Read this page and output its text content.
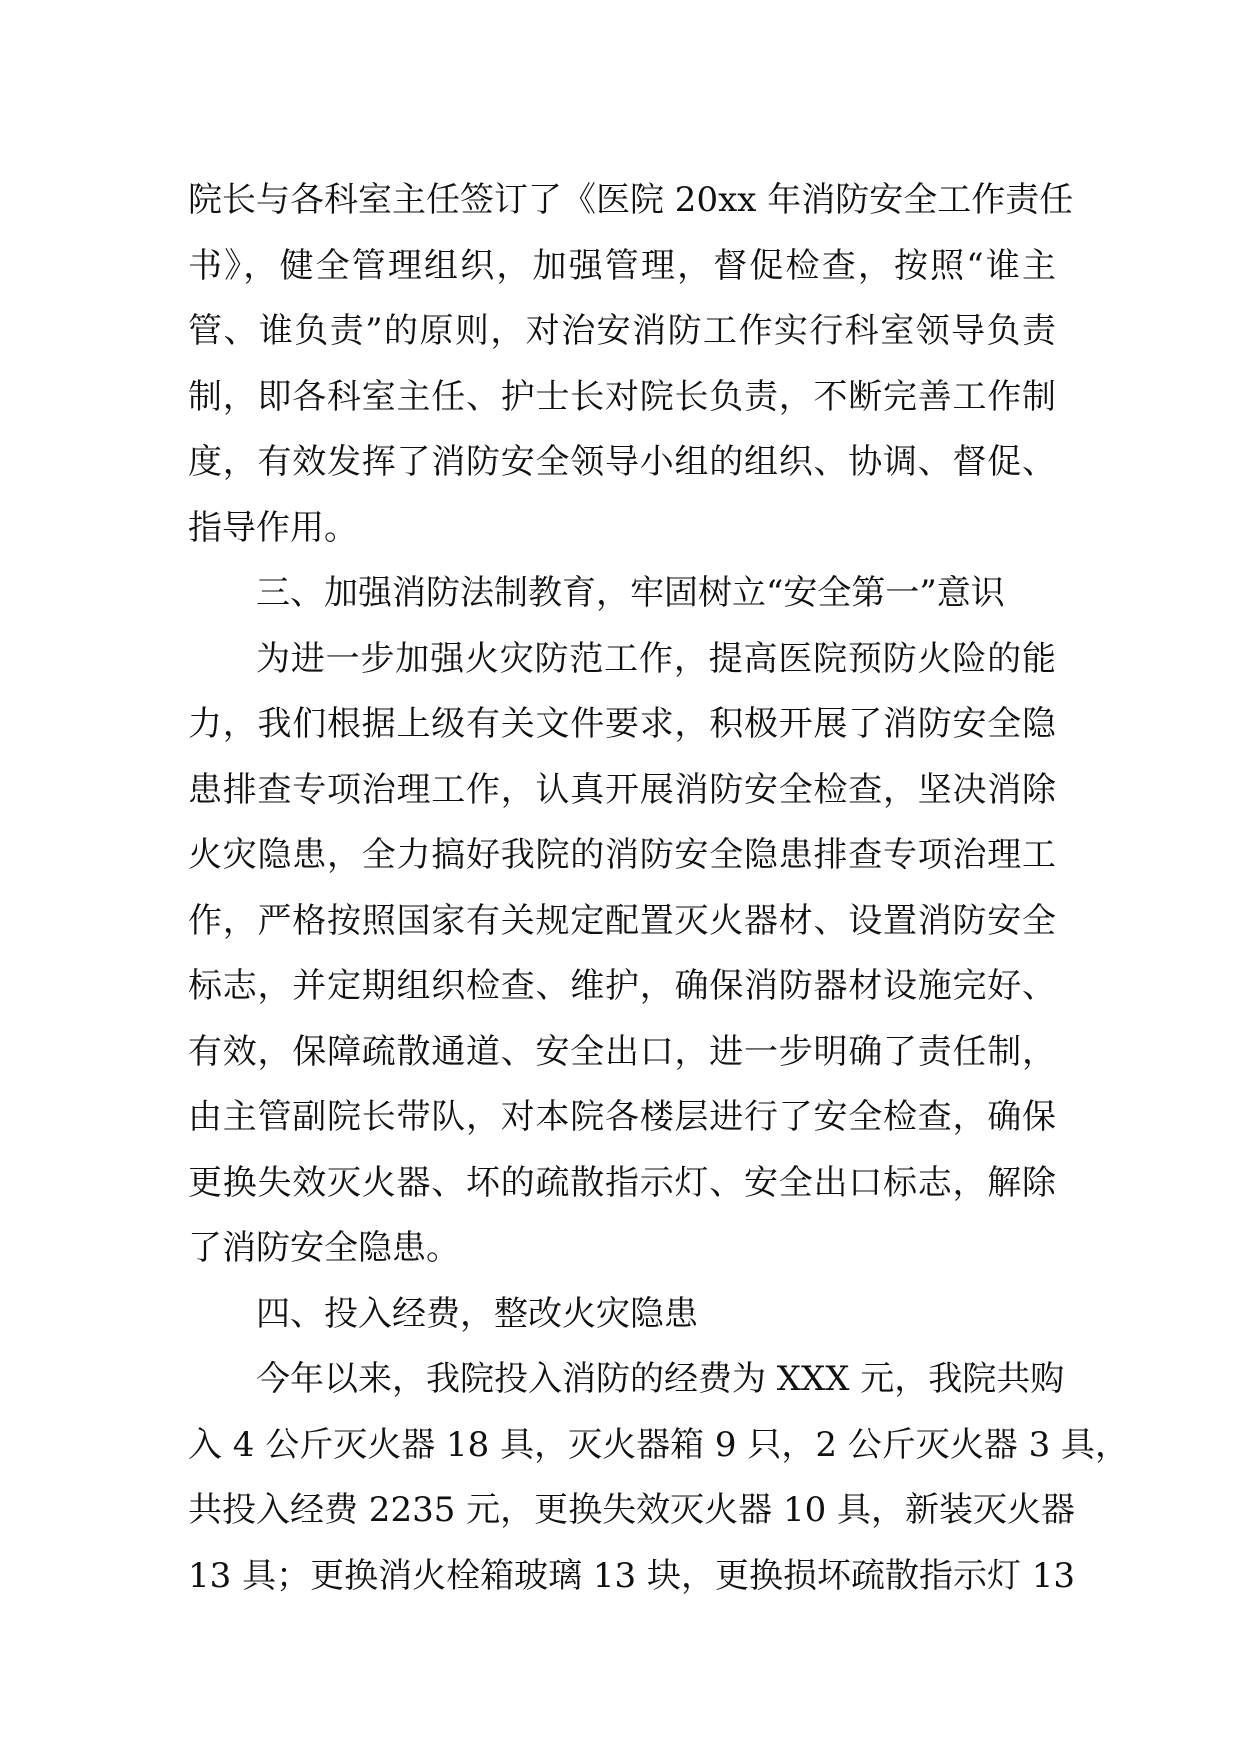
院长与各科室主任签订了《医院 20xx 年消防安全工作责任
书》，健全管理组织，加强管理，督促检查，按照“谁主
管、谁负责”的原则，对治安消防工作实行科室领导负责
制，即各科室主任、护士长对院长负责，不断完善工作制
度，有效发挥了消防安全领导小组的组织、协调、督促、
指导作用。
三、加强消防法制教育，牢固树立“安全第一”意识
为进一步加强火灾防范工作，提高医院预防火险的能
力，我们根据上级有关文件要求，积极开展了消防安全隐
患排查专项治理工作，认真开展消防安全检查，坚决消除
火灾隐患，全力搞好我院的消防安全隐患排查专项治理工
作，严格按照国家有关规定配置灭火器材、设置消防安全
标志，并定期组织检查、维护，确保消防器材设施完好、
有效，保障疏散通道、安全出口，进一步明确了责任制，
由主管副院长带队，对本院各楼层进行了安全检查，确保
更换失效灭火器、坏的疏散指示灯、安全出口标志，解除
了消防安全隐患。
四、投入经费，整改火灾隐患
今年以来，我院投入消防的经费为 XXX 元，我院共购
入 4 公斤灭火器 18 具，灭火器箱 9 只，2 公斤灭火器 3 具，
共投入经费 2235 元，更换失效灭火器 10 具，新装灭火器
13 具；更换消火栓箱玻璃 13 块，更换损坏疏散指示灯 13
